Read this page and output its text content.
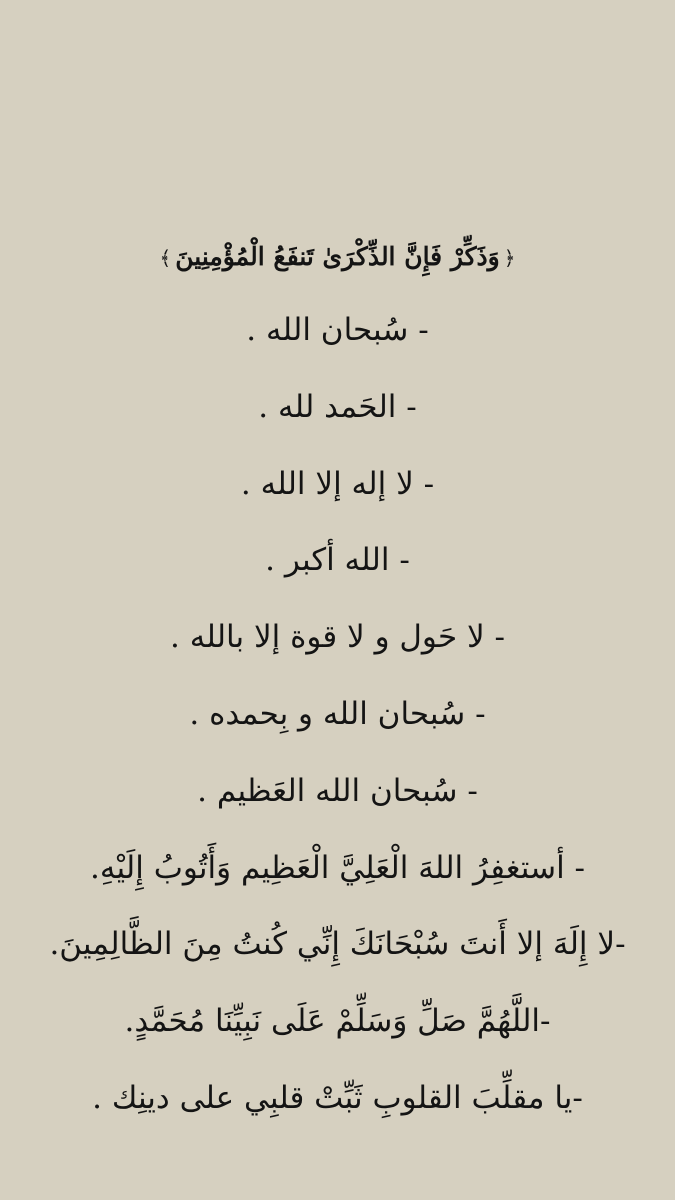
﴿وَذَكِّرْ فَإِنَّ الذِّكْرَىٰ تَنفَعُ الْمُؤْمِنِينَ﴾
- سُبحان الله .
- الحَمد لله .
- لا إله إلا الله .
- الله أكبر .
- لا حَول و لا قوة إلا بالله .
- سُبحان الله و بِحمده .
- سُبحان الله العَظيم .
- أستغفِرُ اللهَ الْعَلِيَّ الْعَظِيم وَأَتُوبُ إِلَيْهِ.
-لا إِلَهَ إلا أَنتَ سُبْحَانَكَ إِنِّي كُنتُ مِنَ الظَّالِمِينَ.
-اللَّهُمَّ صَلِّ وَسَلِّمْ عَلَى نَبِيِّنَا مُحَمَّدٍ.
-يا مقلِّبَ القلوبِ ثَبِّتْ قلبِي على دينِك .
